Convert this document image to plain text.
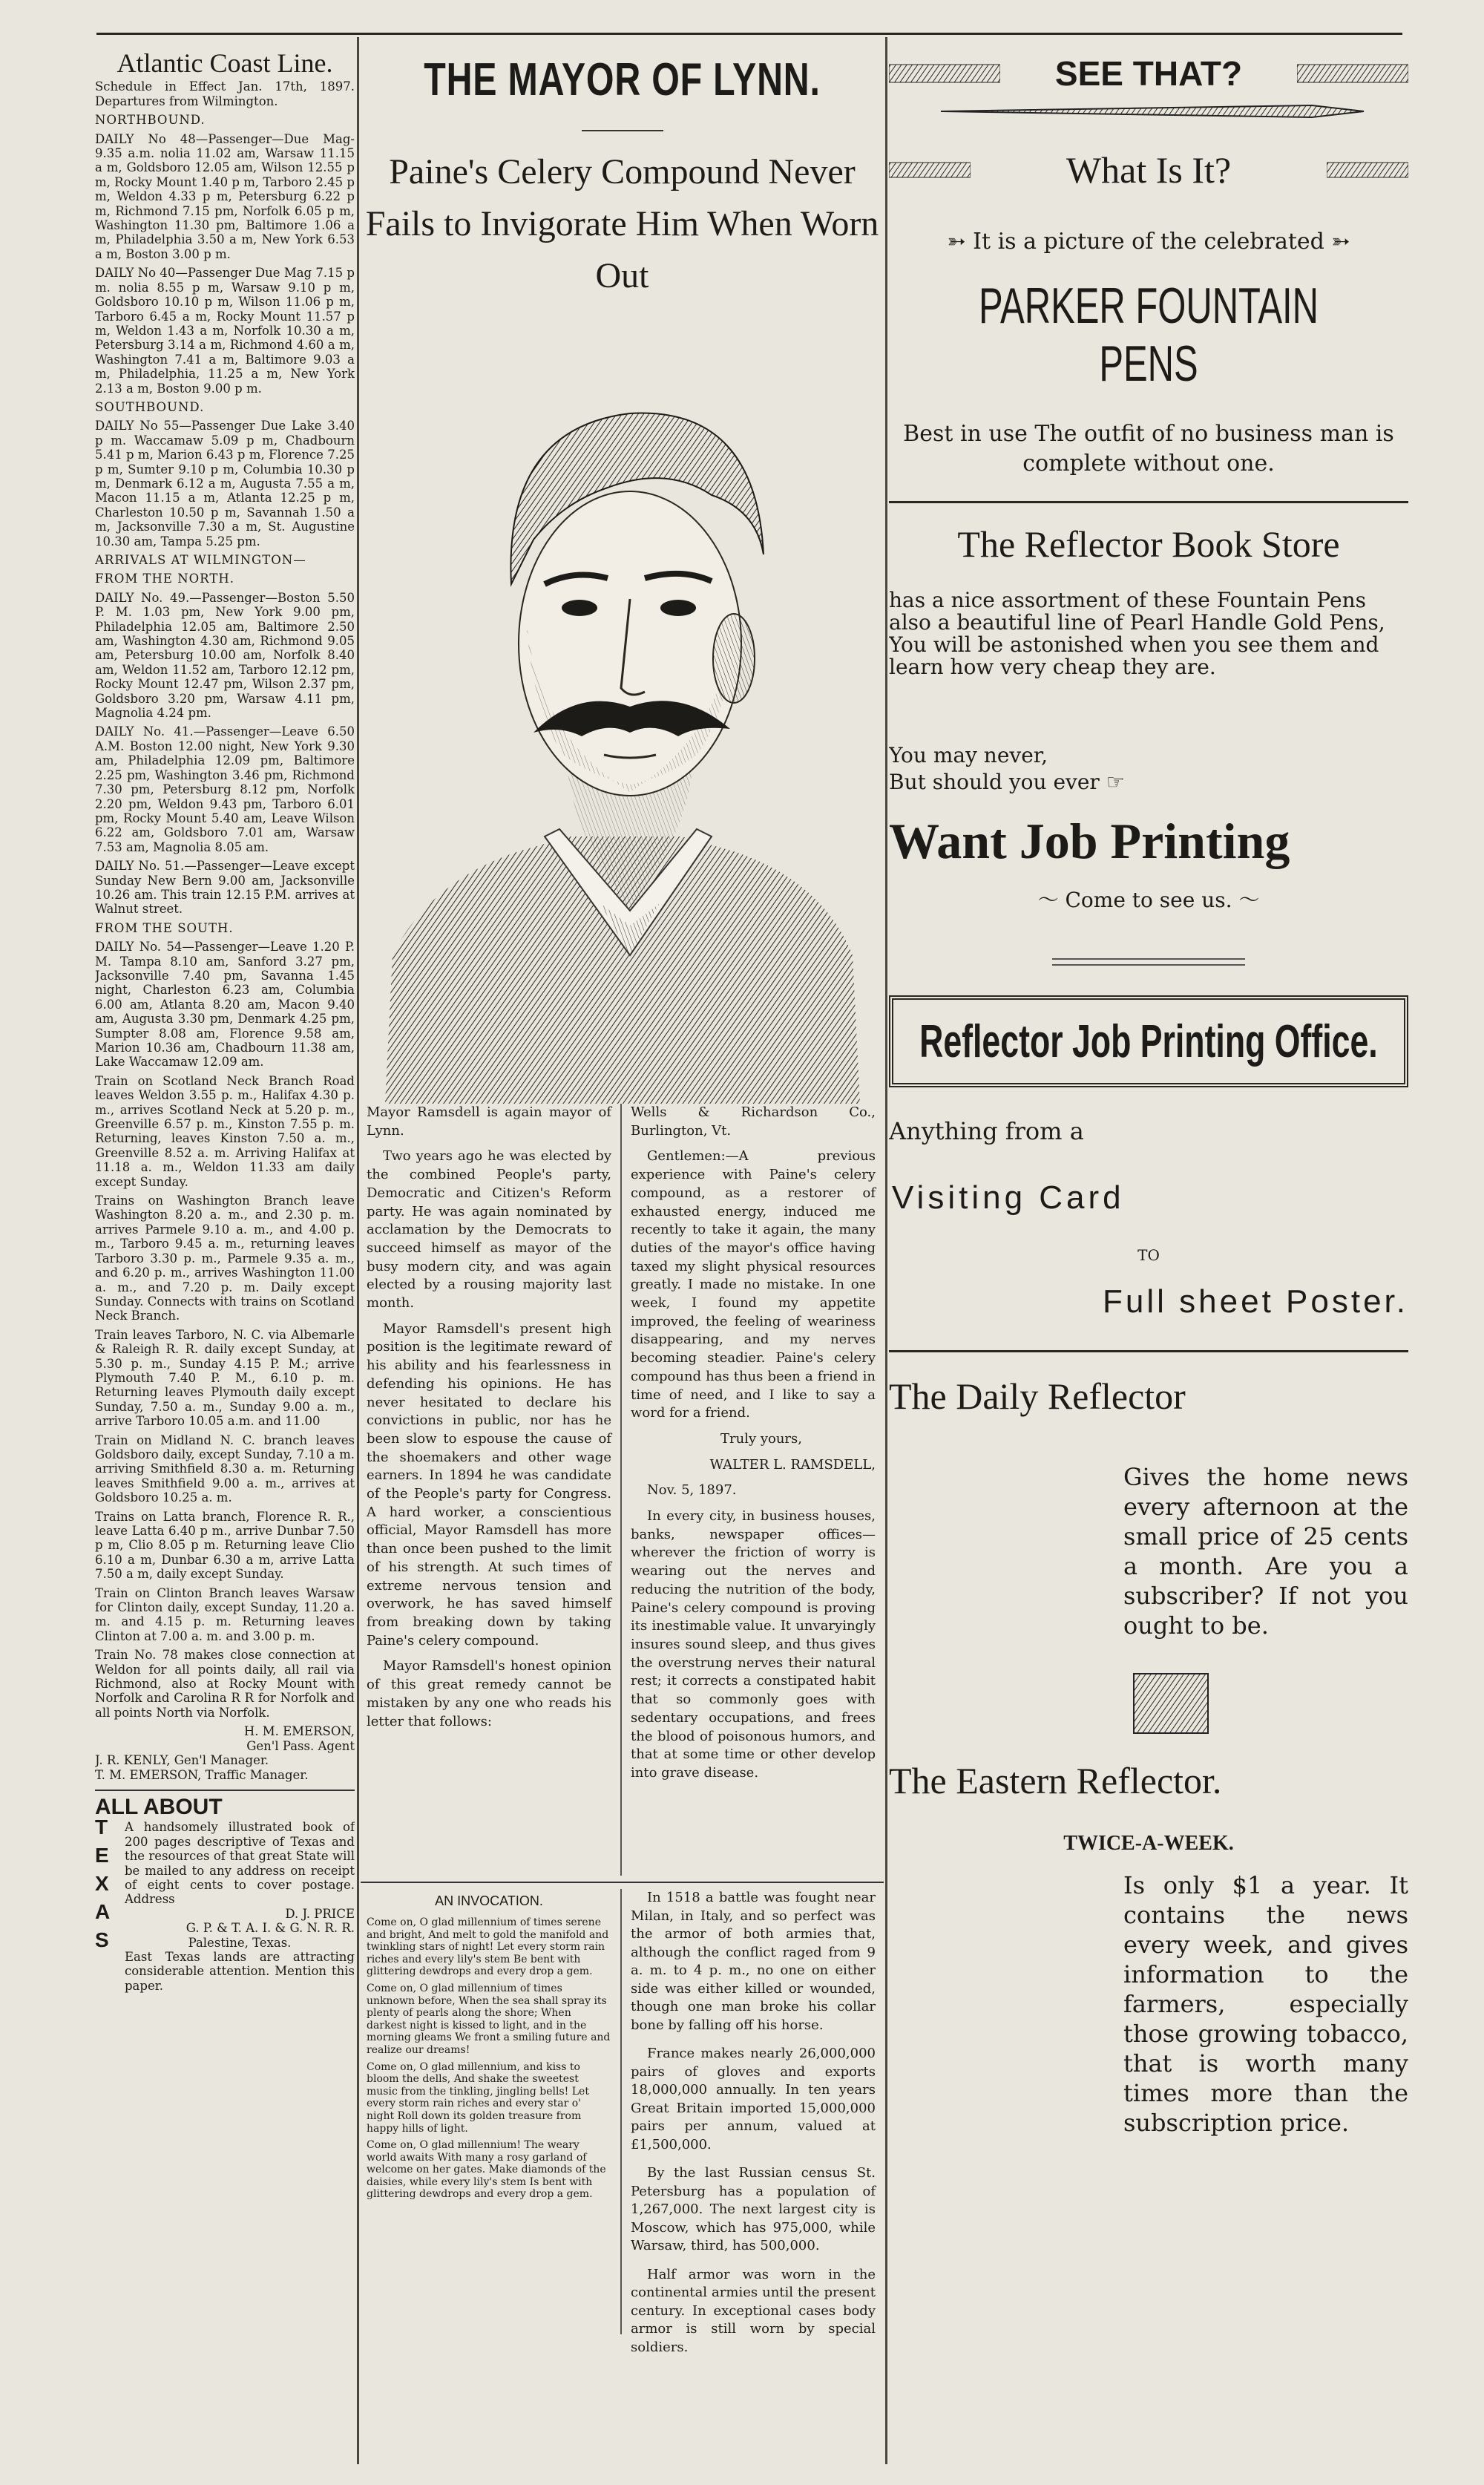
Atlantic Coast Line.

Schedule in Effect Jan. 17th, 1897. Departures from Wilmington.

NORTHBOUND.

DAILY No 48—Passenger—Due Mag- 9.35 a.m. nolia 11.02 am, Warsaw 11.15 a m, Goldsboro 12.05 am, Wilson 12.55 p m, Rocky Mount 1.40 p m, Tarboro 2.45 p m, Weldon 4.33 p m, Petersburg 6.22 p m, Richmond 7.15 pm, Norfolk 6.05 p m, Washington 11.30 pm, Baltimore 1.06 a m, Philadelphia 3.50 a m, New York 6.53 a m, Boston 3.00 p m.

DAILY No 40—Passenger Due Mag 7.15 p m. nolia 8.55 p m, Warsaw 9.10 p m, Goldsboro 10.10 p m, Wilson 11.06 p m, Tarboro 6.45 a m, Rocky Mount 11.57 p m, Weldon 1.43 a m, Norfolk 10.30 a m, Petersburg 3.14 a m, Richmond 4.60 a m, Washington 7.41 a m, Baltimore 9.03 a m, Philadelphia, 11.25 a m, New York 2.13 a m, Boston 9.00 p m.

SOUTHBOUND.

DAILY No 55—Passenger Due Lake 3.40 p m. Waccamaw 5.09 p m, Chadbourn 5.41 p m, Marion 6.43 p m, Florence 7.25 p m, Sumter 9.10 p m, Columbia 10.30 p m, Denmark 6.12 a m, Augusta 7.55 a m, Macon 11.15 a m, Atlanta 12.25 p m, Charleston 10.50 p m, Savannah 1.50 a m, Jacksonville 7.30 a m, St. Augustine 10.30 am, Tampa 5.25 pm.

ARRIVALS AT WILMINGTON—

FROM THE NORTH.

DAILY No. 49.—Passenger—Boston 5.50 P. M. 1.03 pm, New York 9.00 pm, Philadelphia 12.05 am, Baltimore 2.50 am, Washington 4.30 am, Richmond 9.05 am, Petersburg 10.00 am, Norfolk 8.40 am, Weldon 11.52 am, Tarboro 12.12 pm, Rocky Mount 12.47 pm, Wilson 2.37 pm, Goldsboro 3.20 pm, Warsaw 4.11 pm, Magnolia 4.24 pm.

DAILY No. 41.—Passenger—Leave 6.50 A.M. Boston 12.00 night, New York 9.30 am, Philadelphia 12.09 pm, Baltimore 2.25 pm, Washington 3.46 pm, Richmond 7.30 pm, Petersburg 8.12 pm, Norfolk 2.20 pm, Weldon 9.43 pm, Tarboro 6.01 pm, Rocky Mount 5.40 am, Leave Wilson 6.22 am, Goldsboro 7.01 am, Warsaw 7.53 am, Magnolia 8.05 am.

DAILY No. 51.—Passenger—Leave except Sunday New Bern 9.00 am, Jacksonville 10.26 am. This train 12.15 P.M. arrives at Walnut street.

FROM THE SOUTH.

DAILY No. 54—Passenger—Leave 1.20 P. M. Tampa 8.10 am, Sanford 3.27 pm, Jacksonville 7.40 pm, Savanna 1.45 night, Charleston 6.23 am, Columbia 6.00 am, Atlanta 8.20 am, Macon 9.40 am, Augusta 3.30 pm, Denmark 4.25 pm, Sumpter 8.08 am, Florence 9.58 am, Marion 10.36 am, Chadbourn 11.38 am, Lake Waccamaw 12.09 am.

Train on Scotland Neck Branch Road leaves Weldon 3.55 p. m., Halifax 4.30 p. m., arrives Scotland Neck at 5.20 p. m., Greenville 6.57 p. m., Kinston 7.55 p. m. Returning, leaves Kinston 7.50 a. m., Greenville 8.52 a. m. Arriving Halifax at 11.18 a. m., Weldon 11.33 am daily except Sunday.

Trains on Washington Branch leave Washington 8.20 a. m., and 2.30 p. m. arrives Parmele 9.10 a. m., and 4.00 p. m., Tarboro 9.45 a. m., returning leaves Tarboro 3.30 p. m., Parmele 9.35 a. m., and 6.20 p. m., arrives Washington 11.00 a. m., and 7.20 p. m. Daily except Sunday. Connects with trains on Scotland Neck Branch.

Train leaves Tarboro, N. C. via Albemarle & Raleigh R. R. daily except Sunday, at 5.30 p. m., Sunday 4.15 P. M.; arrive Plymouth 7.40 P. M., 6.10 p. m. Returning leaves Plymouth daily except Sunday, 7.50 a. m., Sunday 9.00 a. m., arrive Tarboro 10.05 a.m. and 11.00

Train on Midland N. C. branch leaves Goldsboro daily, except Sunday, 7.10 a m. arriving Smithfield 8.30 a. m. Returning leaves Smithfield 9.00 a. m., arrives at Goldsboro 10.25 a. m.

Trains on Latta branch, Florence R. R., leave Latta 6.40 p m., arrive Dunbar 7.50 p m, Clio 8.05 p m. Returning leave Clio 6.10 a m, Dunbar 6.30 a m, arrive Latta 7.50 a m, daily except Sunday.

Train on Clinton Branch leaves Warsaw for Clinton daily, except Sunday, 11.20 a. m. and 4.15 p. m. Returning leaves Clinton at 7.00 a. m. and 3.00 p. m.

Train No. 78 makes close connection at Weldon for all points daily, all rail via Richmond, also at Rocky Mount with Norfolk and Carolina R R for Norfolk and all points North via Norfolk.

H. M. EMERSON,

Gen'l Pass. Agent

J. R. KENLY, Gen'l Manager.

T. M. EMERSON, Traffic Manager.

ALL ABOUT
T
E
X
A
S

A handsomely illustrated book of 200 pages descriptive of Texas and the resources of that great State will be mailed to any address on receipt of eight cents to cover postage. Address

D. J. PRICE

G. P. & T. A. I. & G. N. R. R.

Palestine, Texas.

East Texas lands are attracting considerable attention. Mention this paper.

THE MAYOR OF LYNN.
Paine's Celery Compound Never Fails to Invigorate Him When Worn Out

Mayor Ramsdell is again mayor of Lynn.

Two years ago he was elected by the combined People's party, Democratic and Citizen's Reform party. He was again nominated by acclamation by the Democrats to succeed himself as mayor of the busy modern city, and was again elected by a rousing majority last month.

Mayor Ramsdell's present high position is the legitimate reward of his ability and his fearlessness in defending his opinions. He has never hesitated to declare his convictions in public, nor has he been slow to espouse the cause of the shoemakers and other wage earners. In 1894 he was candidate of the People's party for Congress. A hard worker, a conscientious official, Mayor Ramsdell has more than once been pushed to the limit of his strength. At such times of extreme nervous tension and overwork, he has saved himself from breaking down by taking Paine's celery compound.

Mayor Ramsdell's honest opinion of this great remedy cannot be mistaken by any one who reads his letter that follows:

Wells & Richardson Co., Burlington, Vt.

Gentlemen:—A previous experience with Paine's celery compound, as a restorer of exhausted energy, induced me recently to take it again, the many duties of the mayor's office having taxed my slight physical resources greatly. I made no mistake. In one week, I found my appetite improved, the feeling of weariness disappearing, and my nerves becoming steadier. Paine's celery compound has thus been a friend in time of need, and I like to say a word for a friend.

Truly yours,

WALTER L. RAMSDELL,

Nov. 5, 1897.

In every city, in business houses, banks, newspaper offices—wherever the friction of worry is wearing out the nerves and reducing the nutrition of the body, Paine's celery compound is proving its inestimable value. It unvaryingly insures sound sleep, and thus gives the overstrung nerves their natural rest; it corrects a constipated habit that so commonly goes with sedentary occupations, and frees the blood of poisonous humors, and that at some time or other develop into grave disease.

AN INVOCATION.

Come on, O glad millennium of times serene and bright, And melt to gold the manifold and twinkling stars of night! Let every storm rain riches and every lily's stem Be bent with glittering dewdrops and every drop a gem.

Come on, O glad millennium of times unknown before, When the sea shall spray its plenty of pearls along the shore; When darkest night is kissed to light, and in the morning gleams We front a smiling future and realize our dreams!

Come on, O glad millennium, and kiss to bloom the dells, And shake the sweetest music from the tinkling, jingling bells! Let every storm rain riches and every star o' night Roll down its golden treasure from happy hills of light.

Come on, O glad millennium! The weary world awaits With many a rosy garland of welcome on her gates. Make diamonds of the daisies, while every lily's stem Is bent with glittering dewdrops and every drop a gem.

In 1518 a battle was fought near Milan, in Italy, and so perfect was the armor of both armies that, although the conflict raged from 9 a. m. to 4 p. m., no one on either side was either killed or wounded, though one man broke his collar bone by falling off his horse.

France makes nearly 26,000,000 pairs of gloves and exports 18,000,000 annually. In ten years Great Britain imported 15,000,000 pairs per annum, valued at £1,500,000.

By the last Russian census St. Petersburg has a population of 1,267,000. The next largest city is Moscow, which has 975,000, while Warsaw, third, has 500,000.

Half armor was worn in the continental armies until the present century. In exceptional cases body armor is still worn by special soldiers.

SEE THAT?
What Is It?
➳ It is a picture of the celebrated ➳
PARKER FOUNTAIN PENS
Best in use The outfit of no business man is complete without one.
The Reflector Book Store
has a nice assortment of these Fountain Pens also a beautiful line of Pearl Handle Gold Pens, You will be astonished when you see them and learn how very cheap they are.

You may never,

But should you ever ☞

Want Job Printing
〜 Come to see us. 〜
Reflector Job Printing Office.
Anything from a
Visiting Card
TO
Full sheet Poster.
The Daily Reflector
Gives the home news every afternoon at the small price of 25 cents a month. Are you a subscriber? If not you ought to be.
The Eastern Reflector.
TWICE-A-WEEK.
Is only $1 a year. It contains the news every week, and gives information to the farmers, especially those growing tobacco, that is worth many times more than the subscription price.
